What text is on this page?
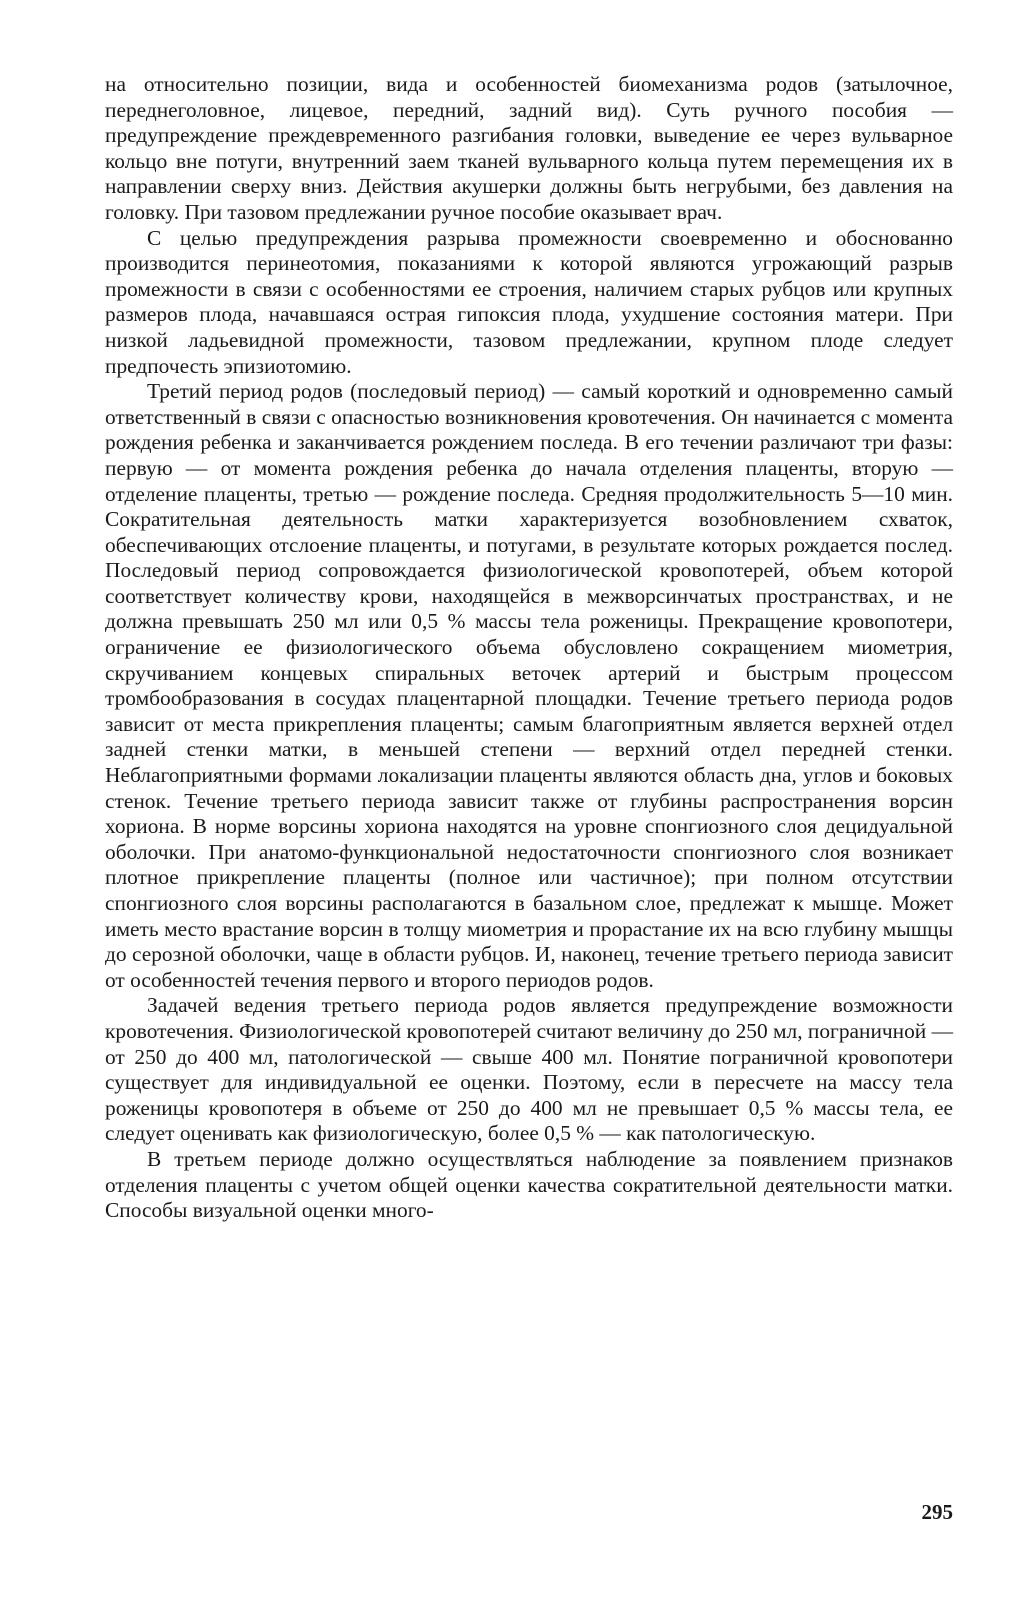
на относительно позиции, вида и особенностей биомеханизма родов (затылочное, переднеголовное, лицевое, передний, задний вид). Суть ручного пособия — предупреждение преждевременного разгибания головки, выведение ее через вульварное кольцо вне потуги, внутренний заем тканей вульварного кольца путем перемещения их в направлении сверху вниз. Действия акушерки должны быть негрубыми, без давления на головку. При тазовом предлежании ручное пособие оказывает врач.

С целью предупреждения разрыва промежности своевременно и обоснованно производится перинеотомия, показаниями к которой являются угрожающий разрыв промежности в связи с особенностями ее строения, наличием старых рубцов или крупных размеров плода, начавшаяся острая гипоксия плода, ухудшение состояния матери. При низкой ладьевидной промежности, тазовом предлежании, крупном плоде следует предпочесть эпизиотомию.

Третий период родов (последовый период) — самый короткий и одновременно самый ответственный в связи с опасностью возникновения кровотечения. Он начинается с момента рождения ребенка и заканчивается рождением последа. В его течении различают три фазы: первую — от момента рождения ребенка до начала отделения плаценты, вторую — отделение плаценты, третью — рождение последа. Средняя продолжительность 5—10 мин. Сократительная деятельность матки характеризуется возобновлением схваток, обеспечивающих отслоение плаценты, и потугами, в результате которых рождается послед. Последовый период сопровождается физиологической кровопотерей, объем которой соответствует количеству крови, находящейся в межворсинчатых пространствах, и не должна превышать 250 мл или 0,5 % массы тела роженицы. Прекращение кровопотери, ограничение ее физиологического объема обусловлено сокращением миометрия, скручиванием концевых спиральных веточек артерий и быстрым процессом тромбообразования в сосудах плацентарной площадки. Течение третьего периода родов зависит от места прикрепления плаценты; самым благоприятным является верхней отдел задней стенки матки, в меньшей степени — верхний отдел передней стенки. Неблагоприятными формами локализации плаценты являются область дна, углов и боковых стенок. Течение третьего периода зависит также от глубины распространения ворсин хориона. В норме ворсины хориона находятся на уровне спонгиозного слоя децидуальной оболочки. При анатомо-функциональной недостаточности спонгиозного слоя возникает плотное прикрепление плаценты (полное или частичное); при полном отсутствии спонгиозного слоя ворсины располагаются в базальном слое, предлежат к мышце. Может иметь место врастание ворсин в толщу миометрия и прорастание их на всю глубину мышцы до серозной оболочки, чаще в области рубцов. И, наконец, течение третьего периода зависит от особенностей течения первого и второго периодов родов.

Задачей ведения третьего периода родов является предупреждение возможности кровотечения. Физиологической кровопотерей считают величину до 250 мл, пограничной — от 250 до 400 мл, патологической — свыше 400 мл. Понятие пограничной кровопотери существует для индивидуальной ее оценки. Поэтому, если в пересчете на массу тела роженицы кровопотеря в объеме от 250 до 400 мл не превышает 0,5 % массы тела, ее следует оценивать как физиологическую, более 0,5 % — как патологическую.

В третьем периоде должно осуществляться наблюдение за появлением признаков отделения плаценты с учетом общей оценки качества сократительной деятельности матки. Способы визуальной оценки много-

295
